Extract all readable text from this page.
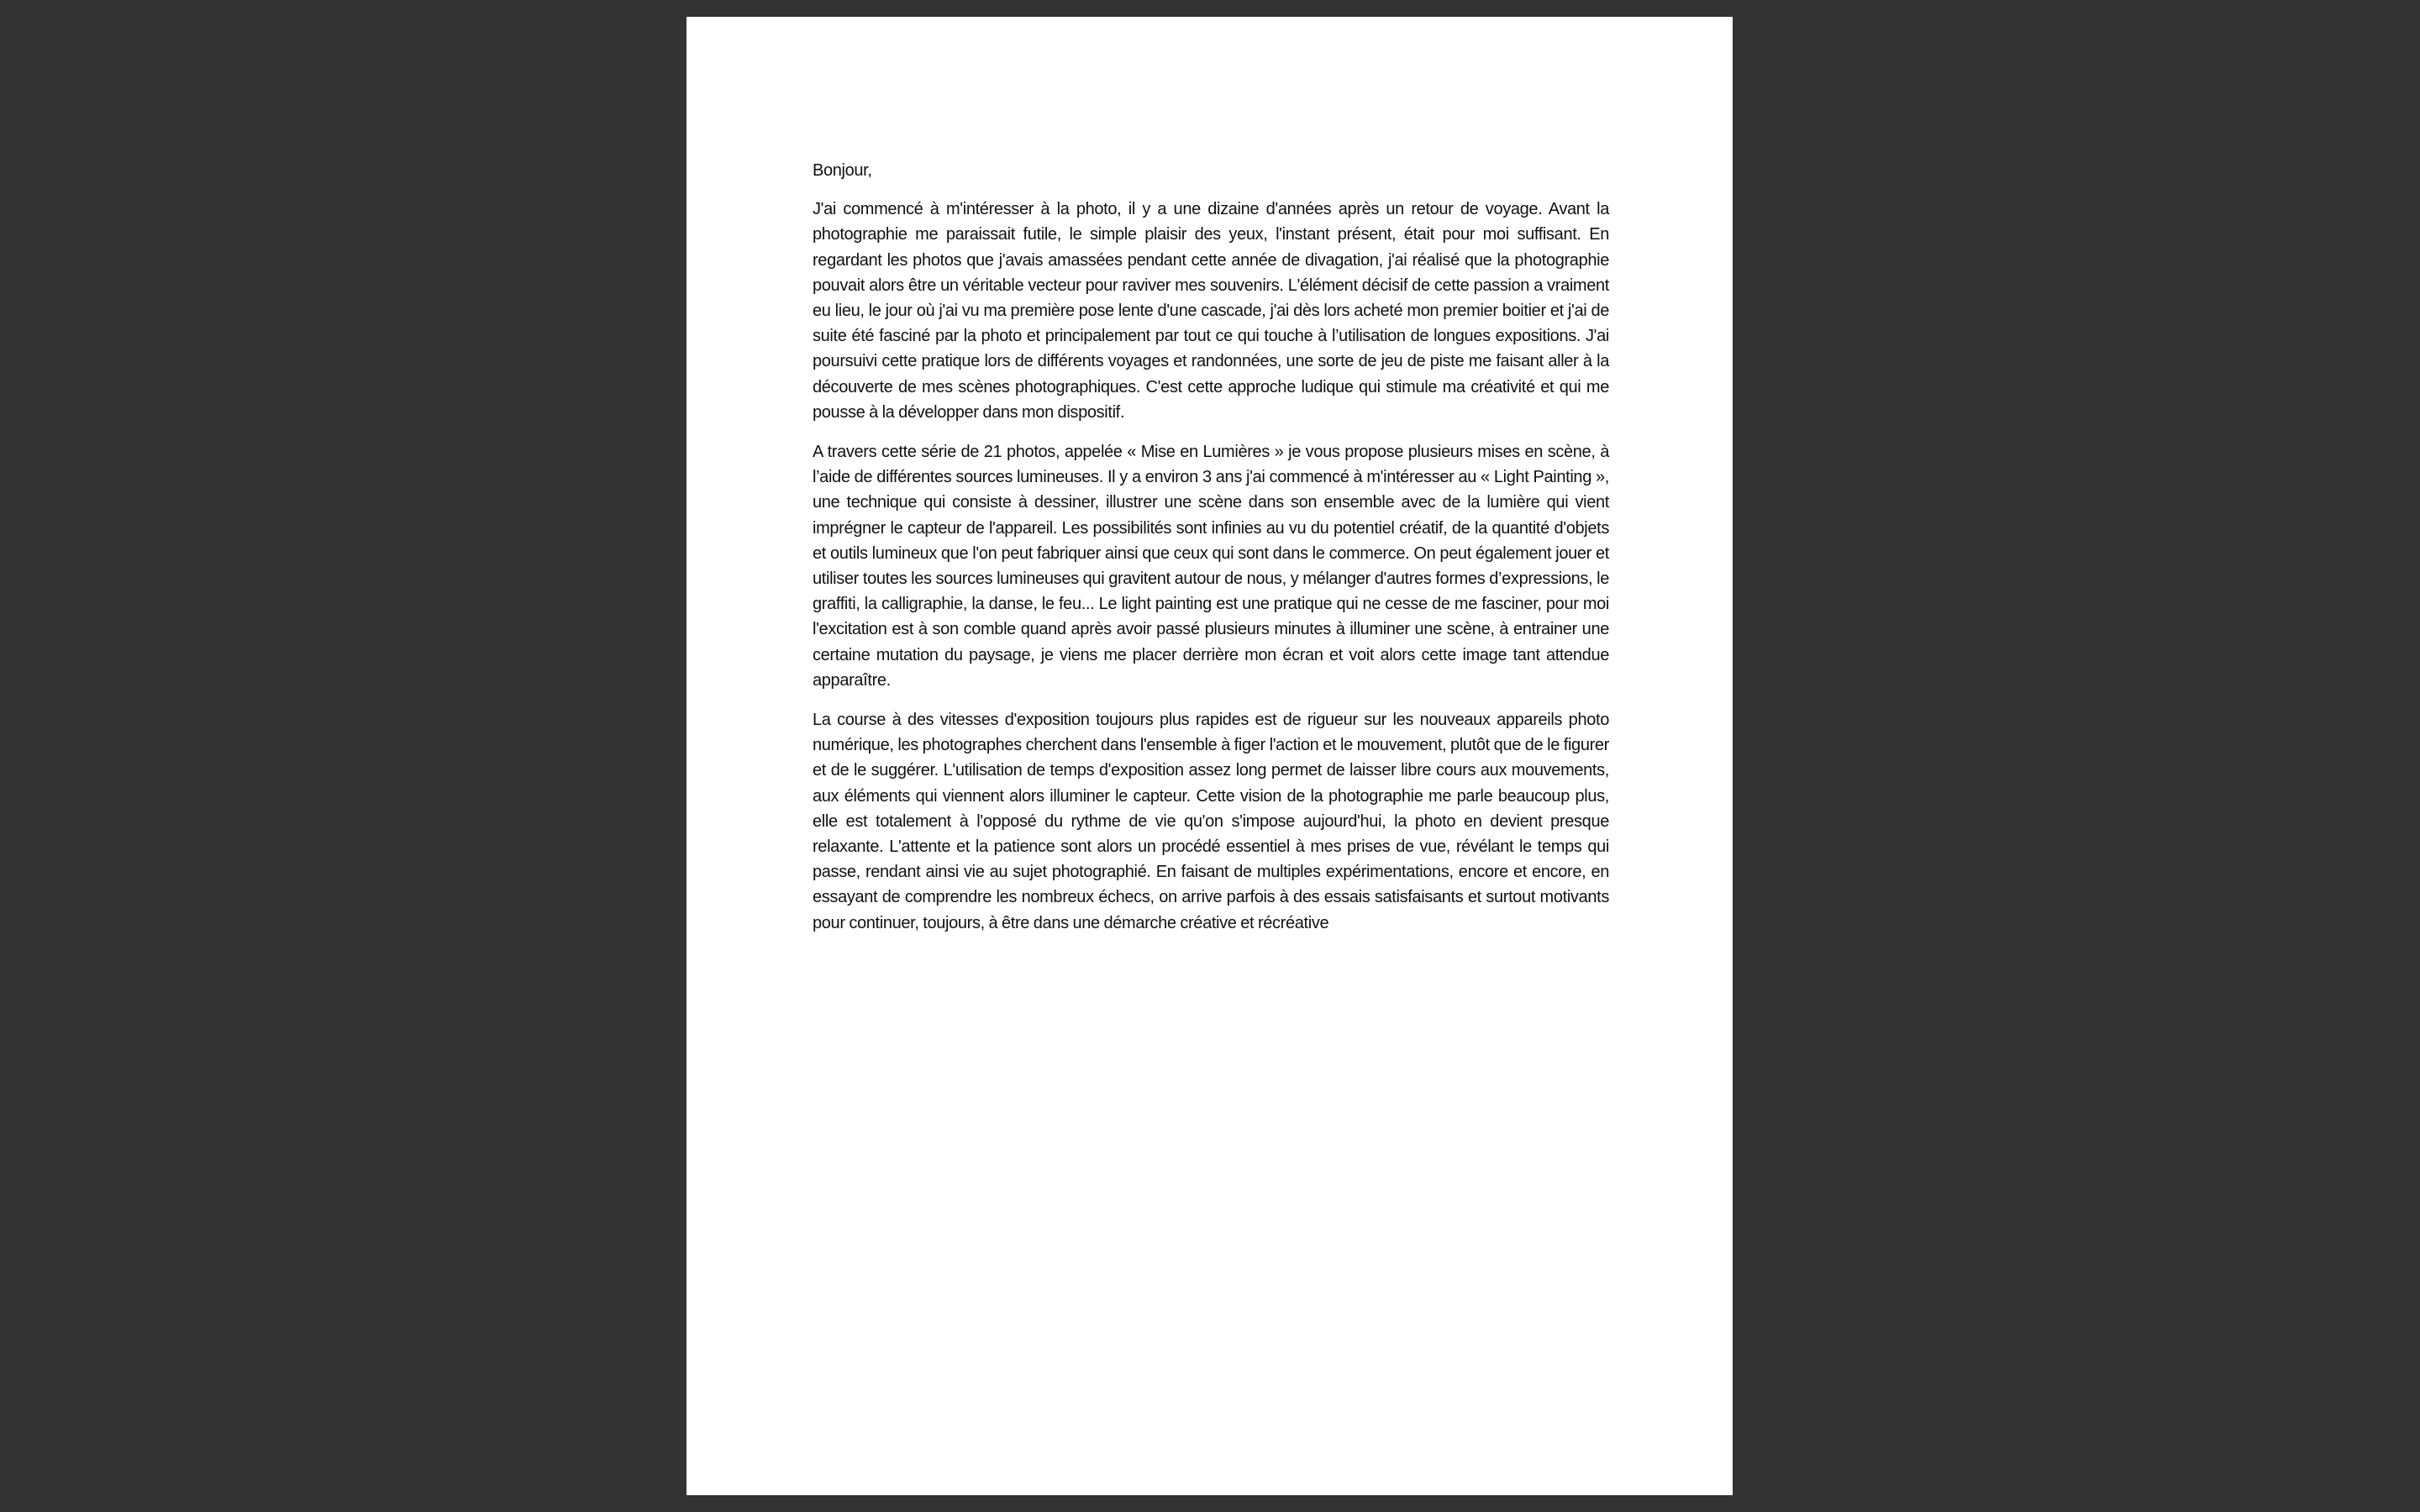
Bonjour,

J'ai commencé à m'intéresser à la photo, il y a une dizaine d'années après un retour de voyage. Avant la photographie me paraissait futile, le simple plaisir des yeux, l'instant présent, était pour moi suffisant. En regardant les photos que j'avais amassées pendant cette année de divagation, j'ai réalisé que la photographie pouvait alors être un véritable vecteur pour raviver mes souvenirs. L'élément décisif de cette passion a vraiment eu lieu, le jour où j'ai vu ma première pose lente d'une cascade, j'ai dès lors acheté mon premier boitier et j'ai de suite été fasciné par la photo et principalement par tout ce qui touche à l’utilisation de longues expositions. J'ai poursuivi cette pratique lors de différents voyages et randonnées, une sorte de jeu de piste me faisant aller à la découverte de mes scènes photographiques. C'est cette approche ludique qui stimule ma créativité et qui me pousse à la développer dans mon dispositif.

A travers cette série de 21 photos, appelée « Mise en Lumières » je vous propose plusieurs mises en scène, à l’aide de différentes sources lumineuses. Il y a environ 3 ans j'ai commencé à m'intéresser au « Light Painting », une technique qui consiste à dessiner, illustrer une scène dans son ensemble avec de la lumière qui vient imprégner le capteur de l'appareil. Les possibilités sont infinies au vu du potentiel créatif, de la quantité d'objets et outils lumineux que l'on peut fabriquer ainsi que ceux qui sont dans le commerce. On peut également jouer et utiliser toutes les sources lumineuses qui gravitent autour de nous, y mélanger d'autres formes d’expressions, le graffiti, la calligraphie, la danse, le feu... Le light painting est une pratique qui ne cesse de me fasciner, pour moi l'excitation est à son comble quand après avoir passé plusieurs minutes à illuminer une scène, à entrainer une certaine mutation du paysage, je viens me placer derrière mon écran et voit alors cette image tant attendue apparaître.

La course à des vitesses d'exposition toujours plus rapides est de rigueur sur les nouveaux appareils photo numérique, les photographes cherchent dans l'ensemble à figer l'action et le mouvement, plutôt que de le figurer et de le suggérer. L'utilisation de temps d'exposition assez long permet de laisser libre cours aux mouvements, aux éléments qui viennent alors illuminer le capteur. Cette vision de la photographie me parle beaucoup plus, elle est totalement à l'opposé du rythme de vie qu'on s'impose aujourd'hui, la photo en devient presque relaxante. L'attente et la patience sont alors un procédé essentiel à mes prises de vue, révélant le temps qui passe, rendant ainsi vie au sujet photographié. En faisant de multiples expérimentations, encore et encore, en essayant de comprendre les nombreux échecs, on arrive parfois à des essais satisfaisants et surtout motivants pour continuer, toujours, à être dans une démarche créative et récréative
